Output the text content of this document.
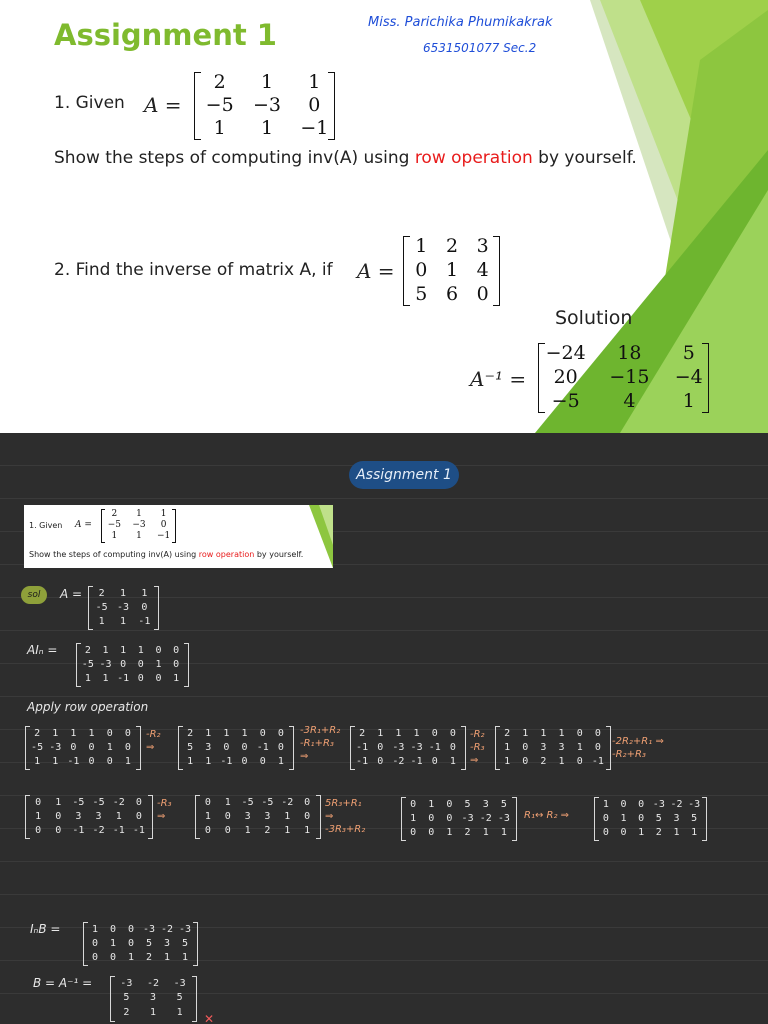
Assignment 1	Miss. Parichika Phumikakrak
6531501077 Sec.2
1. Given A =
2	1	1
−5	−3	0
1	1	−1
Show the steps of computing inv(A) using row operation by yourself.
2. Find the inverse of matrix A, if A =
1 2 3
0 1 4
5 6 0
Solution
A⁻¹ =
−24	18	5
20	−15	−4
−5	4	1
Assignment 1
1. Given A =
2	1	1
−5	−3	0
1	1	−1
Show the steps of computing inv(A) using row operation by yourself.
sol	A =
AIₙ =
Apply row operation
IₙB =
B = A⁻¹ =
✕
2	1	1
-5 -3	0
1	1	-1
2	1	1	1	0	0
-5 -3 0	0	1	0
1	1 -1 0	0	1
2	1	1	1	0	0
-5 -3 0	0	1	0
1	1 -1 0	0	1
-R₂
⇒
2	1	1	1	0	0
5	3	0	0 -1 0
1	1 -1 0	0	1
-3R₁+R₂
-R₁+R₃
⇒
2	1	1	1	0	0
-1 0 -3 -3 -1 0
-1 0 -2 -1 0	1
-R₂
-R₃
⇒
2	1	1	1	0	0
1	0	3	3	1	0
1	0	2	1	0 -1
-2R₂+R₁ ⇒
-R₂+R₃
0	1	-5 -5 -2	0
1	0	3	3	1	0
0	0	-1 -2 -1 -1
-R₃
⇒
0	1	-5 -5 -2	0
1	0	3	3	1	0
0	0	1	2	1	1
5R₃+R₁
⇒
-3R₃+R₂
0	1	0	5	3	5
1	0	0 -3 -2 -3
0	0	1	2	1	1
R₁↔ R₂ ⇒
1	0	0 -3 -2 -3
0	1	0	5	3	5
0	0	1	2	1	1
1	0	0 -3 -2 -3
0	1	0	5	3	5
0	0	1	2	1	1
-3	-2	-3
5	3	5
2	1	1
